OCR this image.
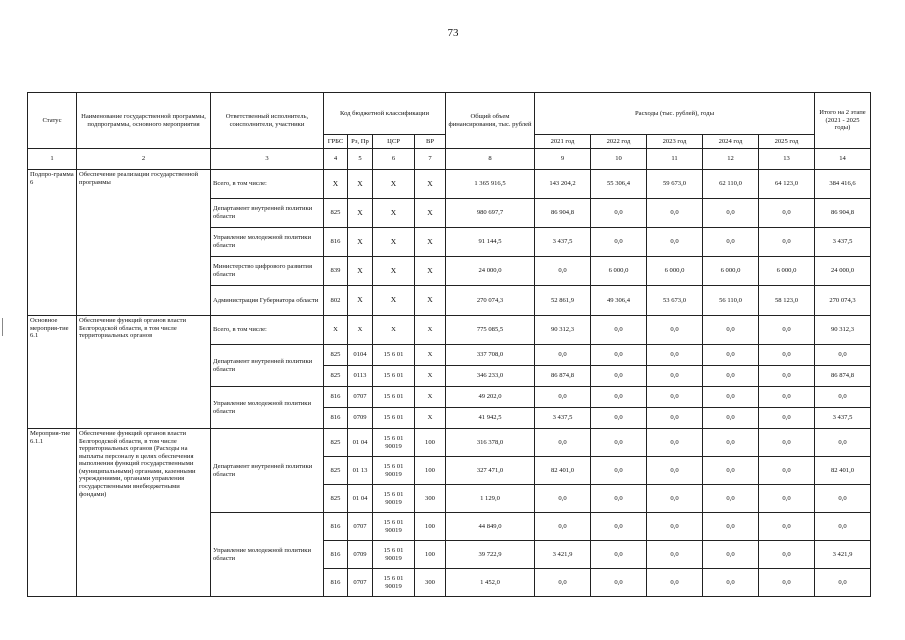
73
Статус	Наименование государственной программы, подпрограммы, основного мероприятия	Ответственный исполнитель, соисполнители, участники	Код бюджетной классификации				Общий объем финансирования, тыс. рублей	Расходы (тыс. рублей), годы					Итого на 2 этапе (2021 - 2025 годы)
			ГРБС	Рз, Пр	ЦСР	ВР		2021 год	2022 год	2023 год	2024 год	2025 год	
1	2	3	4	5	6	7	8	9	10	11	12	13	14
Подпро-грамма 6	Обеспечение реализации государственной программы	Всего, в том числе:	Х	Х	Х	Х	1 365 916,5	143 204,2	55 306,4	59 673,0	62 110,0	64 123,0	384 416,6
		Департамент внутренней политики области	825	Х	Х	Х	980 697,7	86 904,8	0,0	0,0	0,0	0,0	86 904,8
		Управление молодежной политики области	816	Х	Х	Х	91 144,5	3 437,5	0,0	0,0	0,0	0,0	3 437,5
		Министерство цифрового развития области	839	Х	Х	Х	24 000,0	0,0	6 000,0	6 000,0	6 000,0	6 000,0	24 000,0
		Администрация Губернатора области	802	Х	Х	Х	270 074,3	52 861,9	49 306,4	53 673,0	56 110,0	58 123,0	270 074,3
Основное мероприя-тие 6.1	Обеспечение функций органов власти Белгородской области, в том числе территориальных органов	Всего, в том числе:	Х	Х	Х	Х	775 085,5	90 312,3	0,0	0,0	0,0	0,0	90 312,3
		Департамент внутренней политики области	825	0104	15 6 01	Х	337 708,0	0,0	0,0	0,0	0,0	0,0	0,0
			825	0113	15 6 01	Х	346 233,0	86 874,8	0,0	0,0	0,0	0,0	86 874,8
		Управление молодежной политики области	816	0707	15 6 01	Х	49 202,0	0,0	0,0	0,0	0,0	0,0	0,0
			816	0709	15 6 01	Х	41 942,5	3 437,5	0,0	0,0	0,0	0,0	3 437,5
Мероприя-тие 6.1.1	Обеспечение функций органов власти Белгородской области, в том числе территориальных органов (Расходы на выплаты персоналу в целях обеспечения выполнения функций государственными (муниципальными) органами, казенными учреждениями, органами управления государственными внебюджетными фондами)	Департамент внутренней политики области	825	01 04	15 6 01 90019	100	316 378,0	0,0	0,0	0,0	0,0	0,0	0,0
			825	01 13	15 6 01 90019	100	327 471,0	82 401,0	0,0	0,0	0,0	0,0	82 401,0
			825	01 04	15 6 01 90019	300	1 129,0	0,0	0,0	0,0	0,0	0,0	0,0
		Управление молодежной политики области	816	0707	15 6 01 90019	100	44 849,0	0,0	0,0	0,0	0,0	0,0	0,0
			816	0709	15 6 01 90019	100	39 722,9	3 421,9	0,0	0,0	0,0	0,0	3 421,9
			816	0707	15 6 01 90019	300	1 452,0	0,0	0,0	0,0	0,0	0,0	0,0
